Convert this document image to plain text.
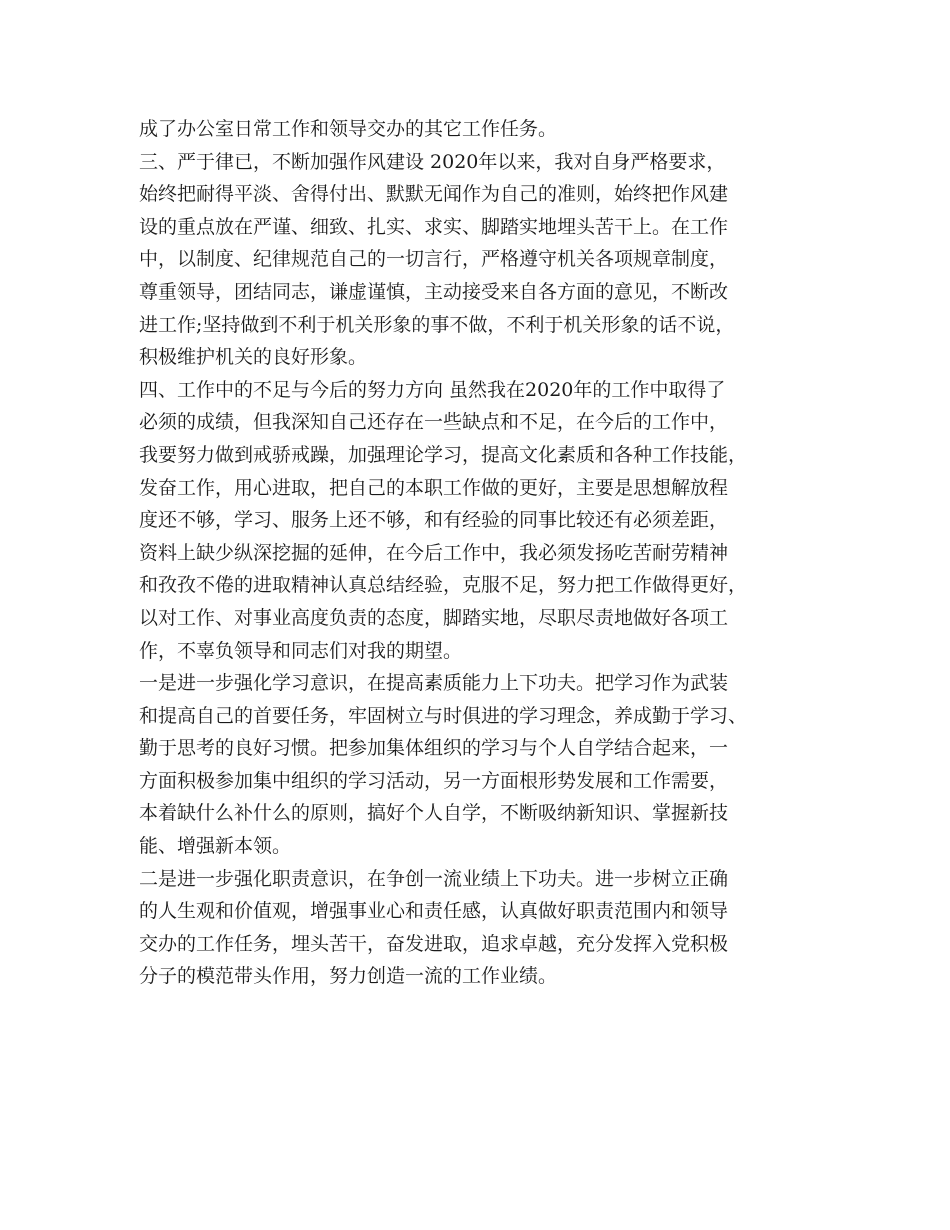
成了办公室日常工作和领导交办的其它工作任务。
三、严于律已，不断加强作风建设 2020年以来，我对自身严格要求，
始终把耐得平淡、舍得付出、默默无闻作为自己的准则，始终把作风建
设的重点放在严谨、细致、扎实、求实、脚踏实地埋头苦干上。在工作
中，以制度、纪律规范自己的一切言行，严格遵守机关各项规章制度，
尊重领导，团结同志，谦虚谨慎，主动接受来自各方面的意见，不断改
进工作;坚持做到不利于机关形象的事不做，不利于机关形象的话不说，
积极维护机关的良好形象。
四、工作中的不足与今后的努力方向 虽然我在2020年的工作中取得了
必须的成绩，但我深知自己还存在一些缺点和不足，在今后的工作中，
我要努力做到戒骄戒躁，加强理论学习，提高文化素质和各种工作技能，
发奋工作，用心进取，把自己的本职工作做的更好，主要是思想解放程
度还不够，学习、服务上还不够，和有经验的同事比较还有必须差距，
资料上缺少纵深挖掘的延伸，在今后工作中，我必须发扬吃苦耐劳精神
和孜孜不倦的进取精神认真总结经验，克服不足，努力把工作做得更好，
以对工作、对事业高度负责的态度，脚踏实地，尽职尽责地做好各项工
作，不辜负领导和同志们对我的期望。
一是进一步强化学习意识，在提高素质能力上下功夫。把学习作为武装
和提高自己的首要任务，牢固树立与时俱进的学习理念，养成勤于学习、
勤于思考的良好习惯。把参加集体组织的学习与个人自学结合起来，一
方面积极参加集中组织的学习活动，另一方面根形势发展和工作需要，
本着缺什么补什么的原则，搞好个人自学，不断吸纳新知识、掌握新技
能、增强新本领。
二是进一步强化职责意识，在争创一流业绩上下功夫。进一步树立正确
的人生观和价值观，增强事业心和责任感，认真做好职责范围内和领导
交办的工作任务，埋头苦干，奋发进取，追求卓越，充分发挥入党积极
分子的模范带头作用，努力创造一流的工作业绩。
